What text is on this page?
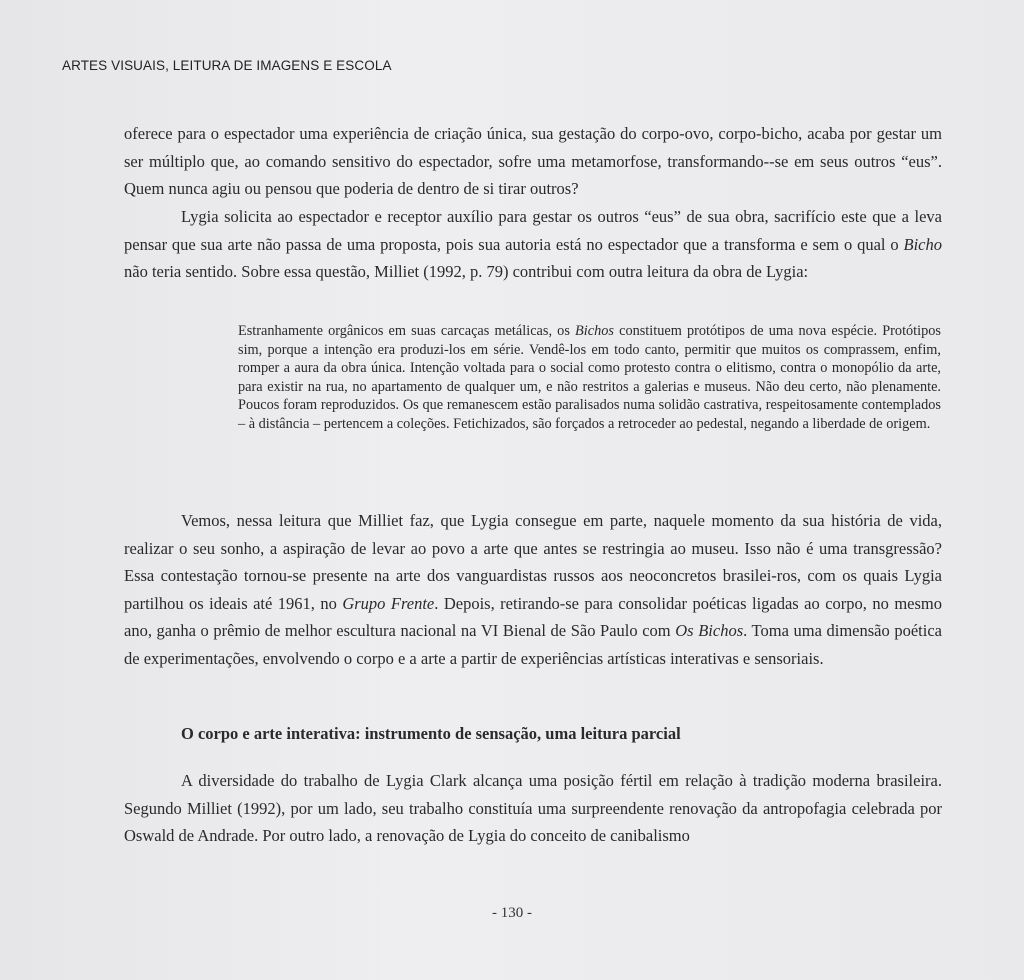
ARTES VISUAIS, LEITURA DE IMAGENS E ESCOLA

oferece para o espectador uma experiência de criação única, sua gestação do corpo-ovo, corpo-bicho, acaba por gestar um ser múltiplo que, ao comando sensitivo do espectador, sofre uma metamorfose, transformando--se em seus outros “eus”. Quem nunca agiu ou pensou que poderia de dentro de si tirar outros?

Lygia solicita ao espectador e receptor auxílio para gestar os outros “eus” de sua obra, sacrifício este que a leva pensar que sua arte não passa de uma proposta, pois sua autoria está no espectador que a transforma e sem o qual o Bicho não teria sentido. Sobre essa questão, Milliet (1992, p. 79) contribui com outra leitura da obra de Lygia:

Estranhamente orgânicos em suas carcaças metálicas, os Bichos constituem protótipos de uma nova espécie. Protótipos sim, porque a intenção era produzi-los em série. Vendê-los em todo canto, permitir que muitos os comprassem, enfim, romper a aura da obra única. Intenção voltada para o social como protesto contra o elitismo, contra o monopólio da arte, para existir na rua, no apartamento de qualquer um, e não restritos a galerias e museus. Não deu certo, não plenamente. Poucos foram reproduzidos. Os que remanescem estão paralisados numa solidão castrativa, respeitosamente contemplados – à distância – pertencem a coleções. Fetichizados, são forçados a retroceder ao pedestal, negando a liberdade de origem.

Vemos, nessa leitura que Milliet faz, que Lygia consegue em parte, naquele momento da sua história de vida, realizar o seu sonho, a aspiração de levar ao povo a arte que antes se restringia ao museu. Isso não é uma transgressão? Essa contestação tornou-se presente na arte dos vanguardistas russos aos neoconcretos brasilei-ros, com os quais Lygia partilhou os ideais até 1961, no Grupo Frente. Depois, retirando-se para consolidar poéticas ligadas ao corpo, no mesmo ano, ganha o prêmio de melhor escultura nacional na VI Bienal de São Paulo com Os Bichos. Toma uma dimensão poética de experimentações, envolvendo o corpo e a arte a partir de experiências artísticas interativas e sensoriais.

O corpo e arte interativa: instrumento de sensação, uma leitura parcial

A diversidade do trabalho de Lygia Clark alcança uma posição fértil em relação à tradição moderna brasileira. Segundo Milliet (1992), por um lado, seu trabalho constituía uma surpreendente renovação da antropofagia celebrada por Oswald de Andrade. Por outro lado, a renovação de Lygia do conceito de canibalismo

- 130 -
